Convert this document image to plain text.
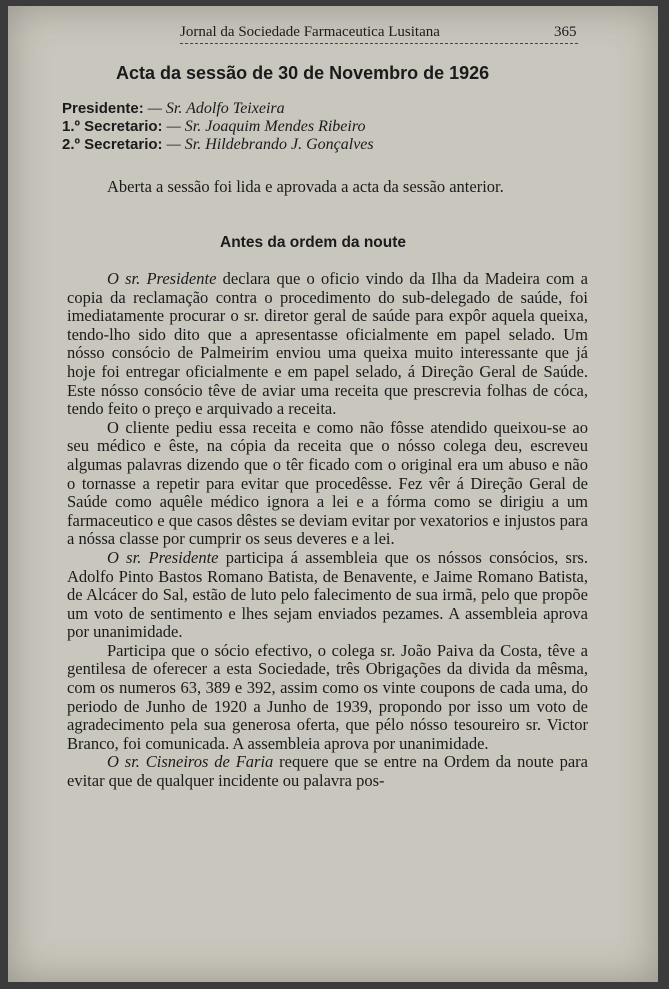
Jornal da Sociedade Farmaceutica Lusitana	365
Acta da sessão de 30 de Novembro de 1926
Presidente: — Sr. Adolfo Teixeira
1.º Secretario: — Sr. Joaquim Mendes Ribeiro
2.º Secretario: — Sr. Hildebrando J. Gonçalves

Aberta a sessão foi lida e aprovada a acta da sessão anterior.

Antes da ordem da noute

O sr. Presidente declara que o oficio vindo da Ilha da Madeira com a copia da reclamação contra o procedimento do sub-delegado de saúde, foi imediatamente procurar o sr. diretor geral de saúde para expôr aquela queixa, tendo-lho sido dito que a apresentasse oficialmente em papel selado. Um nósso consócio de Palmeirim enviou uma queixa muito interessante que já hoje foi entregar oficialmente e em papel selado, á Direção Geral de Saúde. Este nósso consócio têve de aviar uma receita que prescrevia folhas de cóca, tendo feito o preço e arquivado a receita.

O cliente pediu essa receita e como não fôsse atendido queixou-se ao seu médico e êste, na cópia da receita que o nósso colega deu, escreveu algumas palavras dizendo que o têr ficado com o original era um abuso e não o tornasse a repetir para evitar que procedêsse. Fez vêr á Direção Geral de Saúde como aquêle médico ignora a lei e a fórma como se dirigiu a um farmaceutico e que casos dêstes se deviam evitar por vexatorios e injustos para a nóssa classe por cumprir os seus deveres e a lei.

O sr. Presidente participa á assembleia que os nóssos consócios, srs. Adolfo Pinto Bastos Romano Batista, de Benavente, e Jaime Romano Batista, de Alcácer do Sal, estão de luto pelo falecimento de sua irmã, pelo que propõe um voto de sentimento e lhes sejam enviados pezames. A assembleia aprova por unanimidade.

Participa que o sócio efectivo, o colega sr. João Paiva da Costa, têve a gentilesa de oferecer a esta Sociedade, três Obrigações da divida da mêsma, com os numeros 63, 389 e 392, assim como os vinte coupons de cada uma, do periodo de Junho de 1920 a Junho de 1939, propondo por isso um voto de agradecimento pela sua generosa oferta, que pélo nósso tesoureiro sr. Victor Branco, foi comunicada. A assembleia aprova por unanimidade.

O sr. Cisneiros de Faria requere que se entre na Ordem da noute para evitar que de qualquer incidente ou palavra pos-
